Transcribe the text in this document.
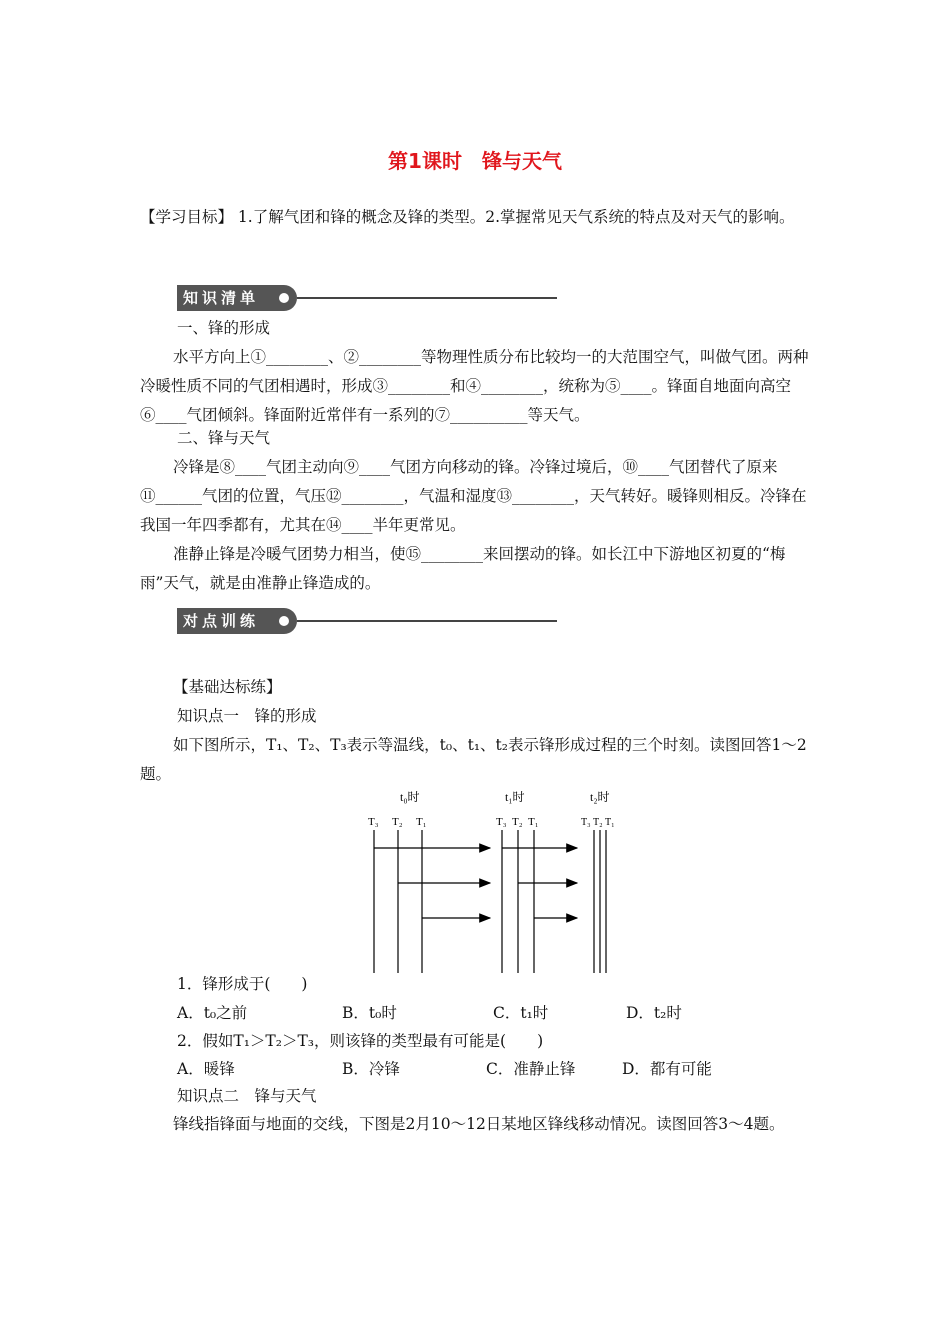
第1课时　锋与天气
【学习目标】 1.了解气团和锋的概念及锋的类型。2.掌握常见天气系统的特点及对天气的影响。
知识清单
一、锋的形成
水平方向上①________、②________等物理性质分布比较均一的大范围空气，叫做气团。两种冷暖性质不同的气团相遇时，形成③________和④________，统称为⑤____。锋面自地面向高空⑥____气团倾斜。锋面附近常伴有一系列的⑦__________等天气。
二、锋与天气
冷锋是⑧____气团主动向⑨____气团方向移动的锋。冷锋过境后，⑩____气团替代了原来⑪______气团的位置，气压⑫________，气温和湿度⑬________，天气转好。暖锋则相反。冷锋在我国一年四季都有，尤其在⑭____半年更常见。
准静止锋是冷暖气团势力相当，使⑮________来回摆动的锋。如长江中下游地区初夏的“梅雨”天气，就是由准静止锋造成的。
对点训练
【基础达标练】
知识点一　锋的形成
如下图所示，T₁、T₂、T₃表示等温线，t₀、t₁、t₂表示锋形成过程的三个时刻。读图回答1～2题。
t₀时	t₁时	t₂时
T₃ T₂ T₁	T₃ T₂ T₁	T₃ T₂ T₁
1．锋形成于(　　)
A．t₀之前	B．t₀时	C．t₁时	D．t₂时
2．假如T₁＞T₂＞T₃，则该锋的类型最有可能是(　　)
A．暖锋	B．冷锋	C．准静止锋	D．都有可能
知识点二　锋与天气
锋线指锋面与地面的交线，下图是2月10～12日某地区锋线移动情况。读图回答3～4题。
